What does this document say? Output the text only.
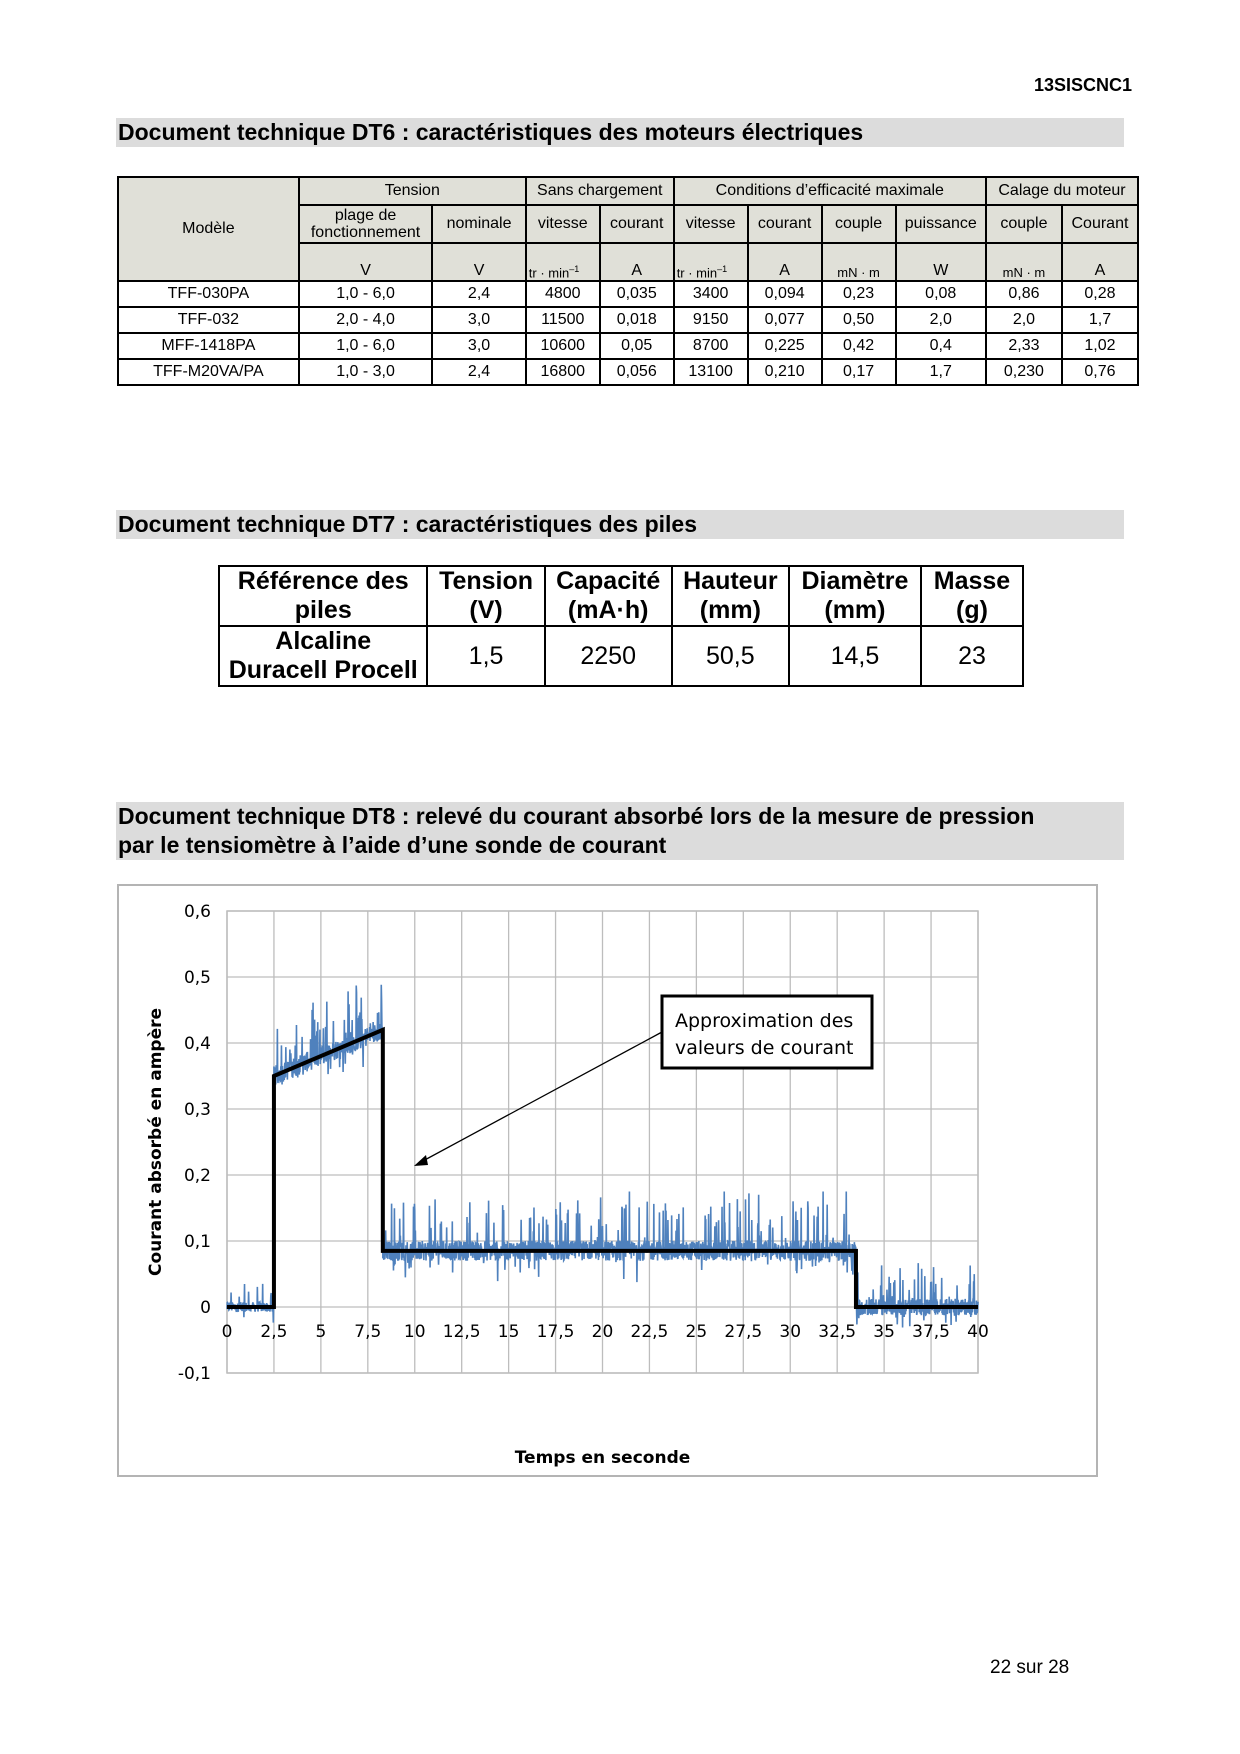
13SISCNC1
Document technique DT6 : caractéristiques des moteurs électriques
Modèle	Tension		Sans chargement		Conditions d’efficacité maximale				Calage du moteur	
	plage de fonctionnement	nominale	vitesse	courant	vitesse	courant	couple	puissance	couple	Courant
	V	V	tr · $\min^{-1}$	A	tr · $\min^{-1}$	A	mN · m	W	mN · m	A
TFF-030PA	1,0 - 6,0	2,4	4800	0,035	3400	0,094	0,23	0,08	0,86	0,28
TFF-032	2,0 - 4,0	3,0	11500	0,018	9150	0,077	0,50	2,0	2,0	1,7
MFF-1418PA	1,0 - 6,0	3,0	10600	0,05	8700	0,225	0,42	0,4	2,33	1,02
TFF-M20VA/PA	1,0 - 3,0	2,4	16800	0,056	13100	0,210	0,17	1,7	0,230	0,76
Document technique DT7 : caractéristiques des piles
Référence des piles	Tension (V)	Capacité (mA·h)	Hauteur (mm)	Diamètre (mm)	Masse (g)

Alcaline
Duracell Procell	1,5	2250	50,5	14,5	23
Document technique DT8 : relevé du courant absorbé lors de la mesure de pression
par le tensiomètre à l’aide d’une sonde de courant
0 2,5 5 7,5 10 12,5 15 17,5 20 22,5 25 27,5 30 32,5 35 37,5 40
-0,1
0
0,1
0,2
0,3
0,4
0,5
0,6
Temps en seconde
Courant absorbé en ampère	Approximation des
valeurs de courant
22 sur 28
